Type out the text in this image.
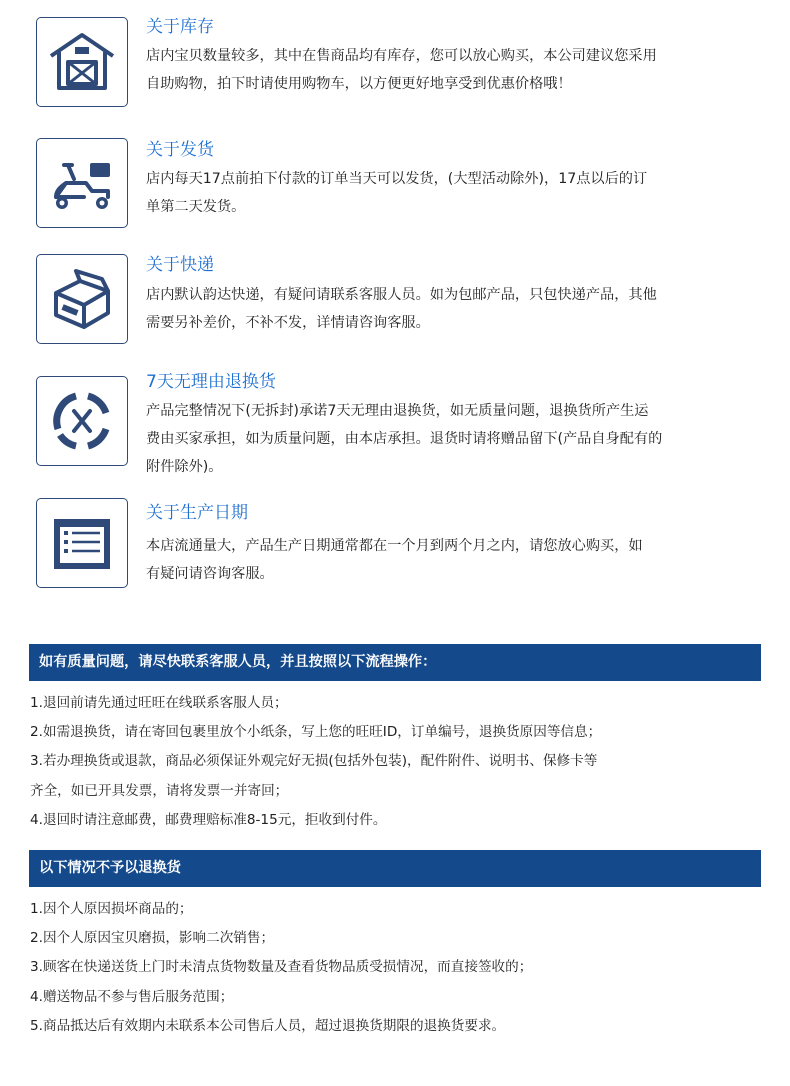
关于库存
店内宝贝数量较多，其中在售商品均有库存，您可以放心购买，本公司建议您采用
自助购物，拍下时请使用购物车，以方便更好地享受到优惠价格哦！
关于发货
店内每天17点前拍下付款的订单当天可以发货，(大型活动除外)，17点以后的订
单第二天发货。
关于快递
店内默认韵达快递，有疑问请联系客服人员。如为包邮产品，只包快递产品，其他
需要另补差价，不补不发，详情请咨询客服。
7天无理由退换货
产品完整情况下(无拆封)承诺7天无理由退换货，如无质量问题，退换货所产生运
费由买家承担，如为质量问题，由本店承担。退货时请将赠品留下(产品自身配有的
附件除外)。
关于生产日期
本店流通量大，产品生产日期通常都在一个月到两个月之内，请您放心购买，如
有疑问请咨询客服。
如有质量问题，请尽快联系客服人员，并且按照以下流程操作：
1.退回前请先通过旺旺在线联系客服人员；
2.如需退换货，请在寄回包裹里放个小纸条，写上您的旺旺ID，订单编号，退换货原因等信息；
3.若办理换货或退款，商品必须保证外观完好无损(包括外包装)，配件附件、说明书、保修卡等
齐全，如已开具发票，请将发票一并寄回；
4.退回时请注意邮费，邮费理赔标准8-15元，拒收到付件。
以下情况不予以退换货
1.因个人原因损坏商品的；
2.因个人原因宝贝磨损，影响二次销售；
3.顾客在快递送货上门时未清点货物数量及查看货物品质受损情况，而直接签收的；
4.赠送物品不参与售后服务范围；
5.商品抵达后有效期内未联系本公司售后人员，超过退换货期限的退换货要求。
